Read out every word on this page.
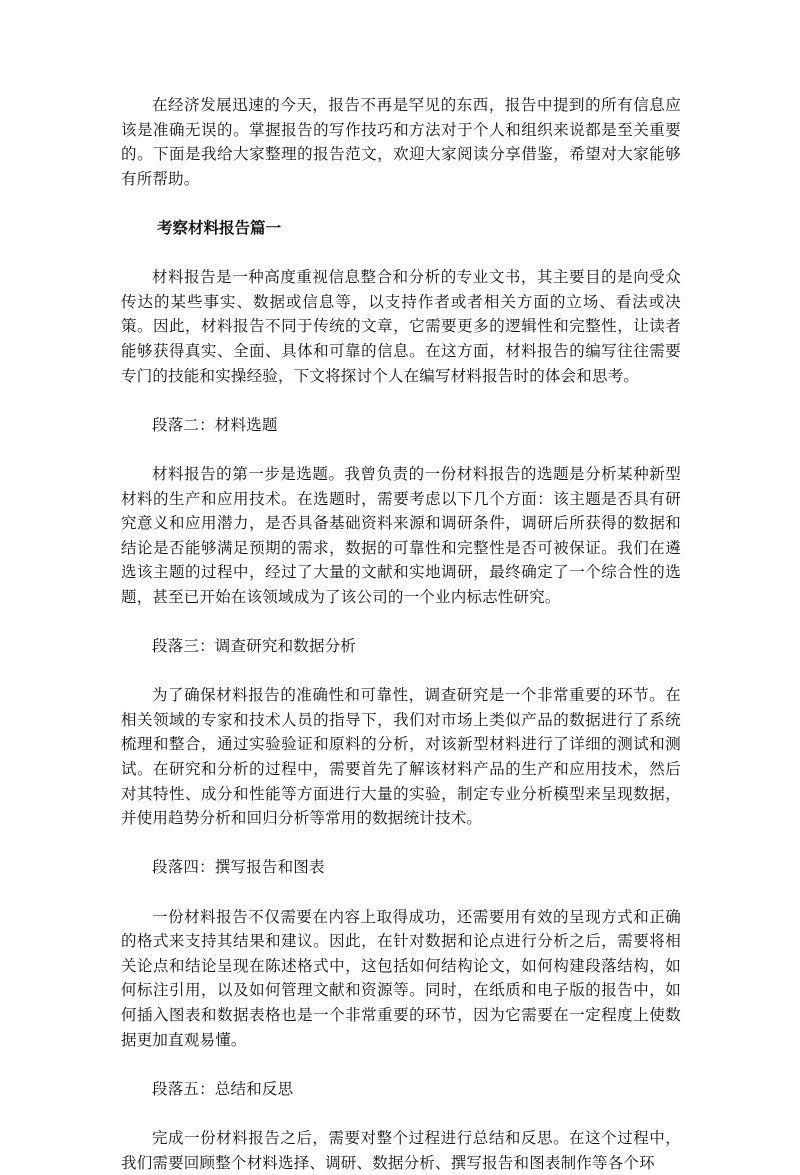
在经济发展迅速的今天，报告不再是罕见的东西，报告中提到的所有信息应该是准确无误的。掌握报告的写作技巧和方法对于个人和组织来说都是至关重要的。下面是我给大家整理的报告范文，欢迎大家阅读分享借鉴，希望对大家能够有所帮助。

考察材料报告篇一

材料报告是一种高度重视信息整合和分析的专业文书，其主要目的是向受众传达的某些事实、数据或信息等，以支持作者或者相关方面的立场、看法或决策。因此，材料报告不同于传统的文章，它需要更多的逻辑性和完整性，让读者能够获得真实、全面、具体和可靠的信息。在这方面，材料报告的编写往往需要专门的技能和实操经验，下文将探讨个人在编写材料报告时的体会和思考。

段落二：材料选题

材料报告的第一步是选题。我曾负责的一份材料报告的选题是分析某种新型材料的生产和应用技术。在选题时，需要考虑以下几个方面：该主题是否具有研究意义和应用潜力，是否具备基础资料来源和调研条件，调研后所获得的数据和结论是否能够满足预期的需求，数据的可靠性和完整性是否可被保证。我们在遴选该主题的过程中，经过了大量的文献和实地调研，最终确定了一个综合性的选题，甚至已开始在该领域成为了该公司的一个业内标志性研究。

段落三：调查研究和数据分析

为了确保材料报告的准确性和可靠性，调查研究是一个非常重要的环节。在相关领域的专家和技术人员的指导下，我们对市场上类似产品的数据进行了系统梳理和整合，通过实验验证和原料的分析，对该新型材料进行了详细的测试和测试。在研究和分析的过程中，需要首先了解该材料产品的生产和应用技术，然后对其特性、成分和性能等方面进行大量的实验，制定专业分析模型来呈现数据，并使用趋势分析和回归分析等常用的数据统计技术。

段落四：撰写报告和图表

一份材料报告不仅需要在内容上取得成功，还需要用有效的呈现方式和正确的格式来支持其结果和建议。因此，在针对数据和论点进行分析之后，需要将相关论点和结论呈现在陈述格式中，这包括如何结构论文，如何构建段落结构，如何标注引用，以及如何管理文献和资源等。同时，在纸质和电子版的报告中，如何插入图表和数据表格也是一个非常重要的环节，因为它需要在一定程度上使数据更加直观易懂。

段落五：总结和反思

完成一份材料报告之后，需要对整个过程进行总结和反思。在这个过程中，我们需要回顾整个材料选择、调研、数据分析、撰写报告和图表制作等各个环
